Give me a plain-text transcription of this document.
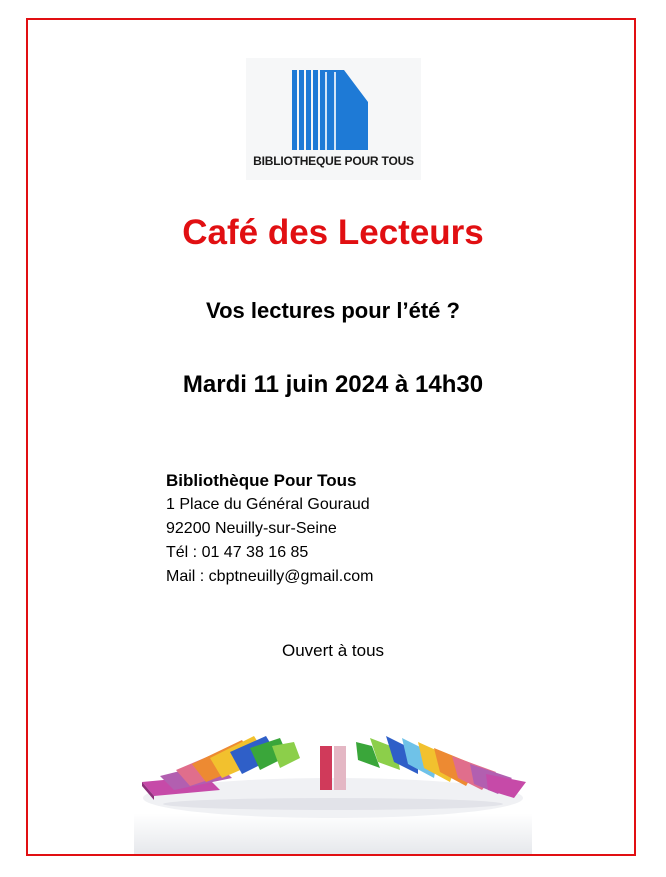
BIBLIOTHEQUE POUR TOUS
Café des Lecteurs
Vos lectures pour l’été ?
Mardi 11 juin 2024 à 14h30
Bibliothèque Pour Tous
1 Place du Général Gouraud
92200 Neuilly-sur-Seine
Tél : 01 47 38 16 85
Mail : cbptneuilly@gmail.com
Ouvert à tous
